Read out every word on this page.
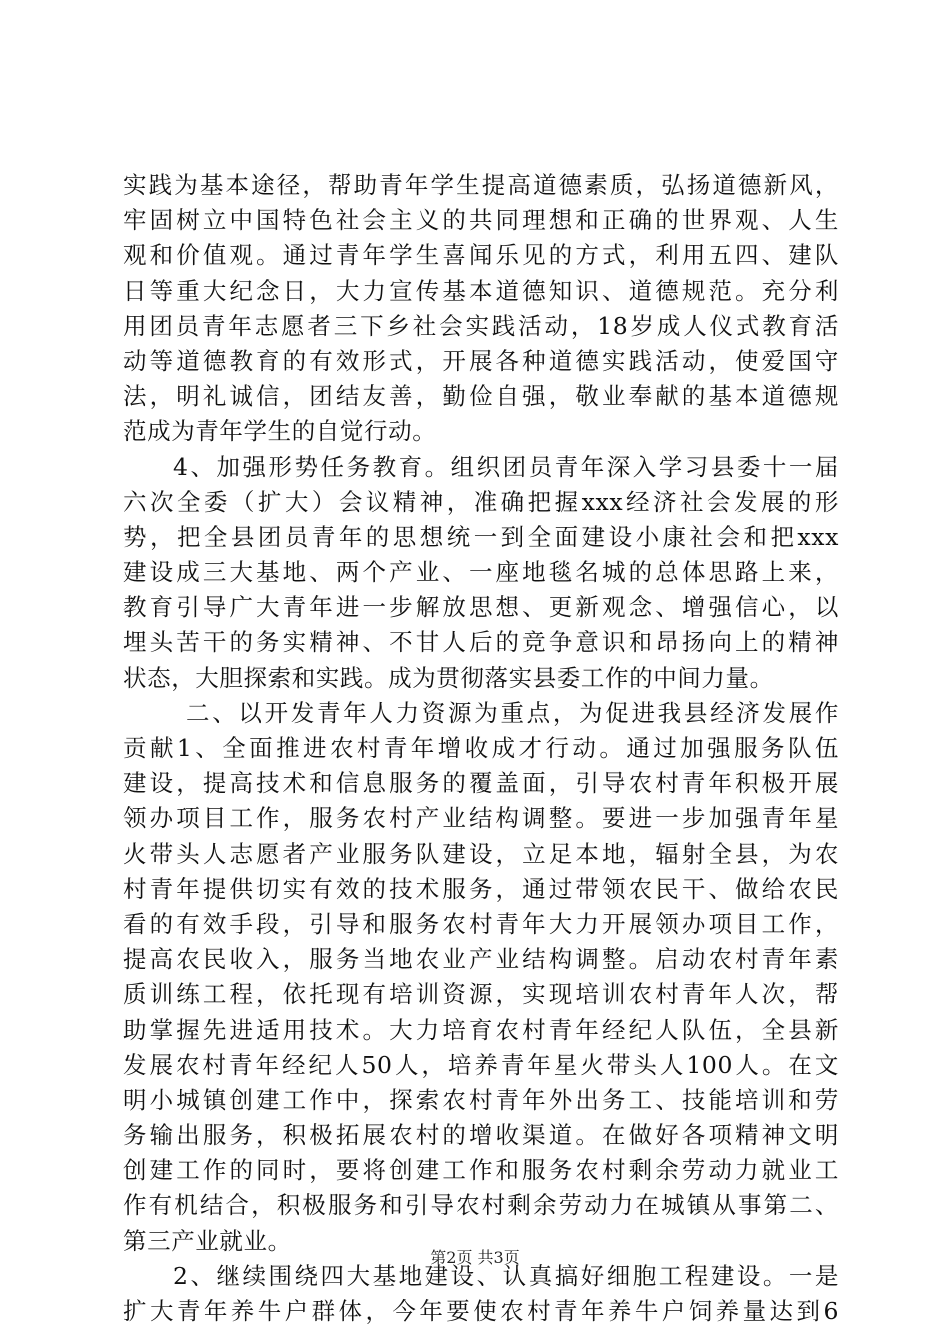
实践为基本途径，帮助青年学生提高道德素质，弘扬道德新风，
牢固树立中国特色社会主义的共同理想和正确的世界观、人生
观和价值观。通过青年学生喜闻乐见的方式，利用五四、建队
日等重大纪念日，大力宣传基本道德知识、道德规范。充分利
用团员青年志愿者三下乡社会实践活动，18岁成人仪式教育活
动等道德教育的有效形式，开展各种道德实践活动，使爱国守
法，明礼诚信，团结友善，勤俭自强，敬业奉献的基本道德规
范成为青年学生的自觉行动。
4、加强形势任务教育。组织团员青年深入学习县委十一届
六次全委（扩大）会议精神，准确把握xxx经济社会发展的形
势，把全县团员青年的思想统一到全面建设小康社会和把xxx
建设成三大基地、两个产业、一座地毯名城的总体思路上来，
教育引导广大青年进一步解放思想、更新观念、增强信心，以
埋头苦干的务实精神、不甘人后的竞争意识和昂扬向上的精神
状态，大胆探索和实践。成为贯彻落实县委工作的中间力量。
二、以开发青年人力资源为重点，为促进我县经济发展作
贡献1、全面推进农村青年增收成才行动。通过加强服务队伍
建设，提高技术和信息服务的覆盖面，引导农村青年积极开展
领办项目工作，服务农村产业结构调整。要进一步加强青年星
火带头人志愿者产业服务队建设，立足本地，辐射全县，为农
村青年提供切实有效的技术服务，通过带领农民干、做给农民
看的有效手段，引导和服务农村青年大力开展领办项目工作，
提高农民收入，服务当地农业产业结构调整。启动农村青年素
质训练工程，依托现有培训资源，实现培训农村青年人次，帮
助掌握先进适用技术。大力培育农村青年经纪人队伍，全县新
发展农村青年经纪人50人，培养青年星火带头人100人。在文
明小城镇创建工作中，探索农村青年外出务工、技能培训和劳
务输出服务，积极拓展农村的增收渠道。在做好各项精神文明
创建工作的同时，要将创建工作和服务农村剩余劳动力就业工
作有机结合，积极服务和引导农村剩余劳动力在城镇从事第二、
第三产业就业。
2、继续围绕四大基地建设、认真搞好细胞工程建设。一是
扩大青年养牛户群体，今年要使农村青年养牛户饲养量达到6
第2页 共3页
